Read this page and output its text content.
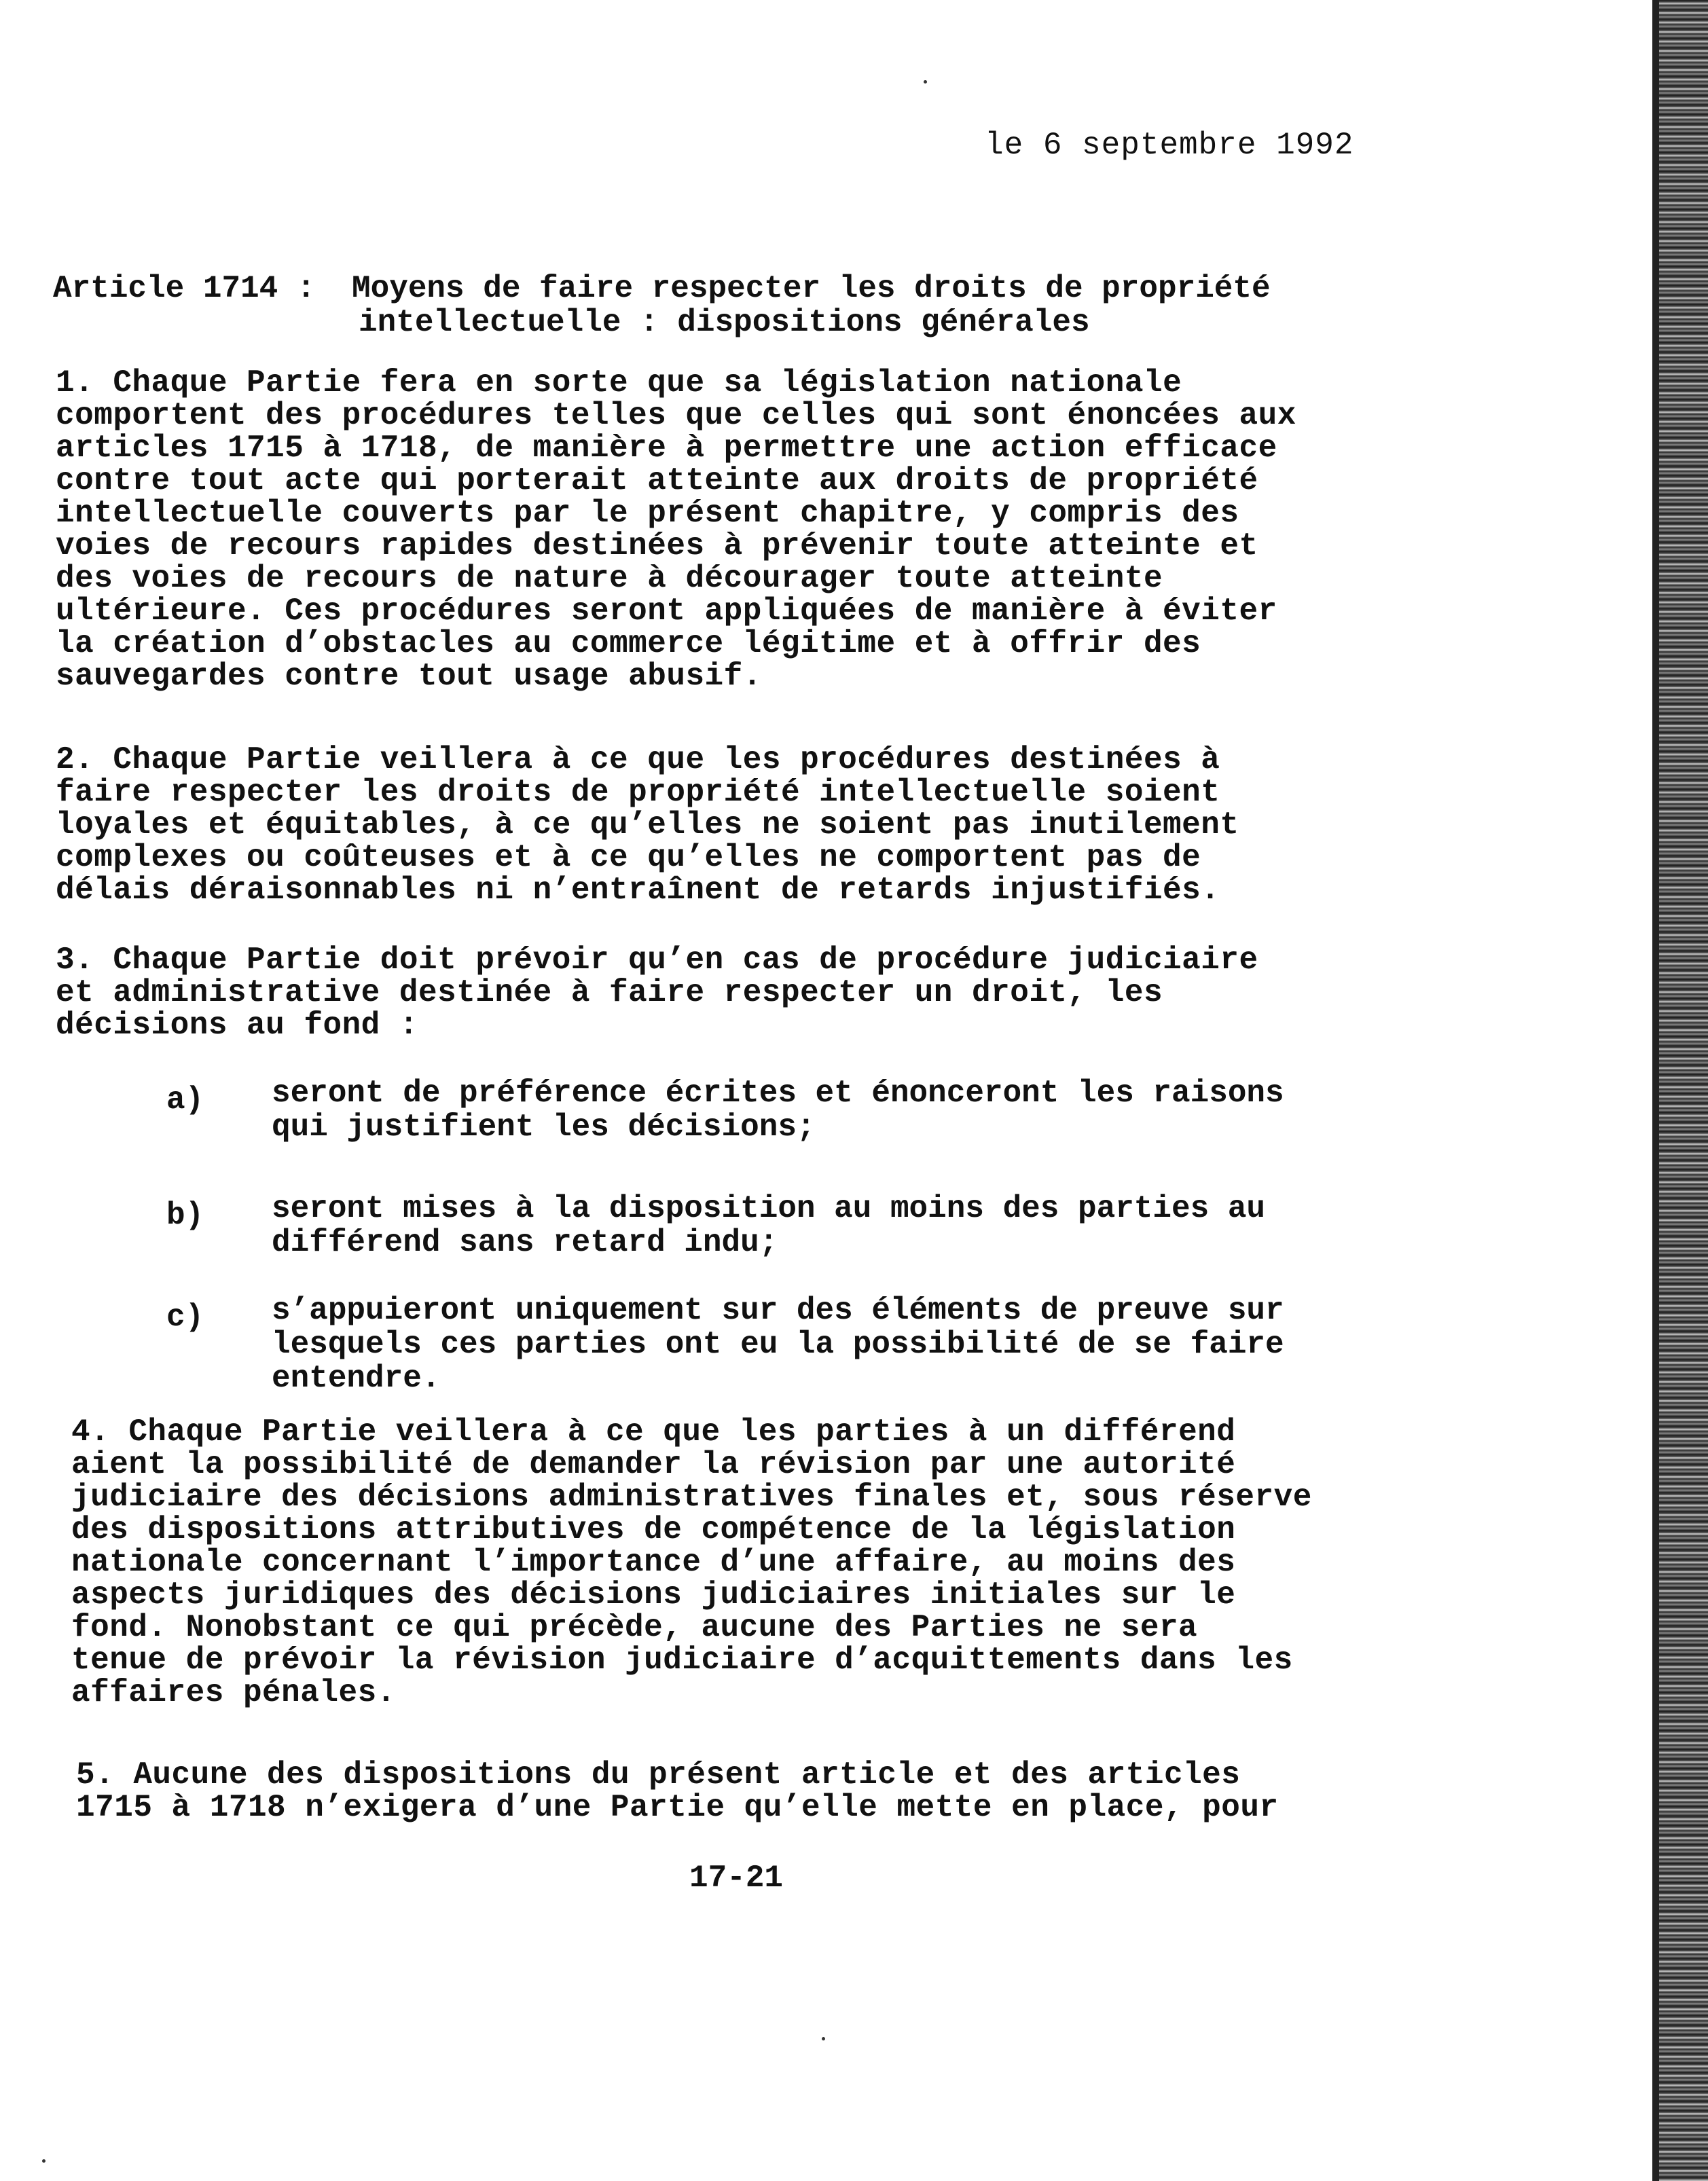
le 6 septembre 1992
Article 1714 : Moyens de faire respecter les droits de propriété
intellectuelle : dispositions générales
1. Chaque Partie fera en sorte que sa législation nationale
comportent des procédures telles que celles qui sont énoncées aux
articles 1715 à 1718, de manière à permettre une action efficace
contre tout acte qui porterait atteinte aux droits de propriété
intellectuelle couverts par le présent chapitre, y compris des
voies de recours rapides destinées à prévenir toute atteinte et
des voies de recours de nature à décourager toute atteinte
ultérieure. Ces procédures seront appliquées de manière à éviter
la création d’obstacles au commerce légitime et à offrir des
sauvegardes contre tout usage abusif.
2. Chaque Partie veillera à ce que les procédures destinées à
faire respecter les droits de propriété intellectuelle soient
loyales et équitables, à ce qu’elles ne soient pas inutilement
complexes ou coûteuses et à ce qu’elles ne comportent pas de
délais déraisonnables ni n’entraînent de retards injustifiés.
3. Chaque Partie doit prévoir qu’en cas de procédure judiciaire
et administrative destinée à faire respecter un droit, les
décisions au fond :
a) seront de préférence écrites et énonceront les raisons
qui justifient les décisions;
b) seront mises à la disposition au moins des parties au
différend sans retard indu;
c) s’appuieront uniquement sur des éléments de preuve sur
lesquels ces parties ont eu la possibilité de se faire
entendre.
4. Chaque Partie veillera à ce que les parties à un différend
aient la possibilité de demander la révision par une autorité
judiciaire des décisions administratives finales et, sous réserve
des dispositions attributives de compétence de la législation
nationale concernant l’importance d’une affaire, au moins des
aspects juridiques des décisions judiciaires initiales sur le
fond. Nonobstant ce qui précède, aucune des Parties ne sera
tenue de prévoir la révision judiciaire d’acquittements dans les
affaires pénales.
5. Aucune des dispositions du présent article et des articles
1715 à 1718 n’exigera d’une Partie qu’elle mette en place, pour
17-21
